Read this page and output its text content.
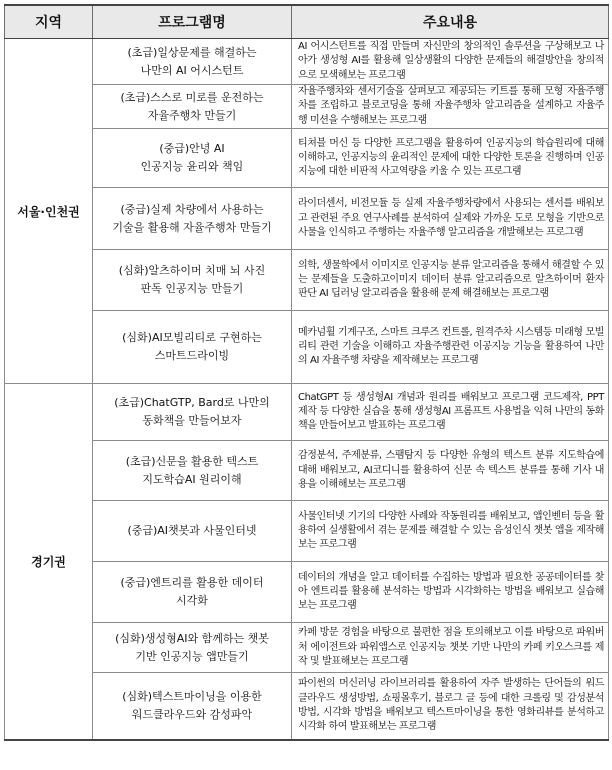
지역	프로그램명	주요내용
서울·인천권	(초급)일상문제를 해결하는
나만의 AI 어시스턴트	AI 어시스턴트를 직접 만들며 자신만의 창의적인 솔루션을 구상해보고 나아가 생성형 AI를 활용해 일상생활의 다양한 문제들의 해결방안을 창의적으로 모색해보는 프로그램

	(초급)스스로 미로를 운전하는
자율주행차 만들기	자율주행차와 센서기술을 살펴보고 제공되는 키트를 통해 모형 자율주행차를 조립하고 블로코딩을 통해 자율주행차 알고리즘을 설계하고 자율주행 미션을 수행해보는 프로그램

	(중급)안녕 AI
인공지능 윤리와 책임	티쳐블 머신 등 다양한 프로그램을 활용하여 인공지능의 학습원리에 대해 이해하고, 인공지능의 윤리적인 문제에 대한 다양한 토론을 진행하며 인공지능에 대한 비판적 사고역량을 키울 수 있는 프로그램

	(중급)실제 차량에서 사용하는
기술을 활용해 자율주행차 만들기	라이더센서, 비전모듈 등 실제 자율주행차량에서 사용되는 센서를 배워보고 관련된 주요 연구사례를 분석하여 실제와 가까운 도로 모형을 기반으로 사물을 인식하고 주행하는 자율주행 알고리즘을 개발해보는 프로그램

	(심화)알츠하이머 치매 뇌 사진
판독 인공지능 만들기	의학, 생물학에서 이미지로 인공지능 분류 알고리즘을 통해서 해결할 수 있는 문제들을 도출하고이미지 데이터 분류 알고리즘으로 알츠하이머 환자 판단 AI 딥러닝 알고리즘을 활용해 문제 해결해보는 프로그램

	(심화)AI모빌리티로 구현하는
스마트드라이빙	메카넘휠 기계구조, 스마트 크루즈 컨트롤, 원격주차 시스템등 미래형 모빌리티 관련 기술을 이해하고 자율주행관련 이공지능 기능을 활용하여 나만의 AI 자율주행 차량을 제작해보는 프로그램
경기권	(초급)ChatGTP, Bard로 나만의
동화책을 만들어보자	ChatGPT 등 생성형AI 개념과 원리를 배워보고 프로그램 코드제작, PPT 제작 등 다양한 실습을 통해 생성형AI 프롬프트 사용법을 익혀 나만의 동화책을 만들어보고 발표하는 프로그램

	(초급)신문을 활용한 텍스트
지도학습AI 원리이해	감정분석, 주제분류, 스팸탐지 등 다양한 유형의 텍스트 분류 지도학습에 대해 배워보고, AI코디니를 활용하여 신문 속 텍스트 분류를 통해 기사 내용을 이해해보는 프로그램

	(중급)AI챗봇과 사물인터넷	사물인터넷 기기의 다양한 사례와 작동원리를 배워보고, 앱인벤터 등을 활용하여 실생활에서 겪는 문제를 해결할 수 있는 음성인식 챗봇 앱을 제작해보는 프로그램

	(중급)엔트리를 활용한 데이터
시각화	데이터의 개념을 알고 데이터를 수집하는 방법과 필요한 공공데이터를 찾아 엔트리를 활용해 분석하는 방법과 시각화하는 방법을 배워보고 실습해보는 프로그램

	(심화)생성형AI와 함께하는 챗봇
기반 인공지능 앱만들기	카페 방문 경험을 바탕으로 불편한 점을 토의해보고 이를 바탕으로 파워버처 에이전트와 파워앱스로 인공지능 챗봇 기반 나만의 카페 키오스크를 제작 및 발표해보는 프로그램

	(심화)텍스트마이닝을 이용한
워드클라우드와 감성파악	파이썬의 머신러닝 라이브러리를 활용하여 자주 발생하는 단어들의 워드클라우드 생성방법, 쇼핑몰후기, 블로그 글 등에 대한 크롤링 및 감성분석 방법, 시각화 방법을 배워보고 텍스트마이닝을 통한 영화리뷰를 분석하고 시각화 하여 발표해보는 프로그램
